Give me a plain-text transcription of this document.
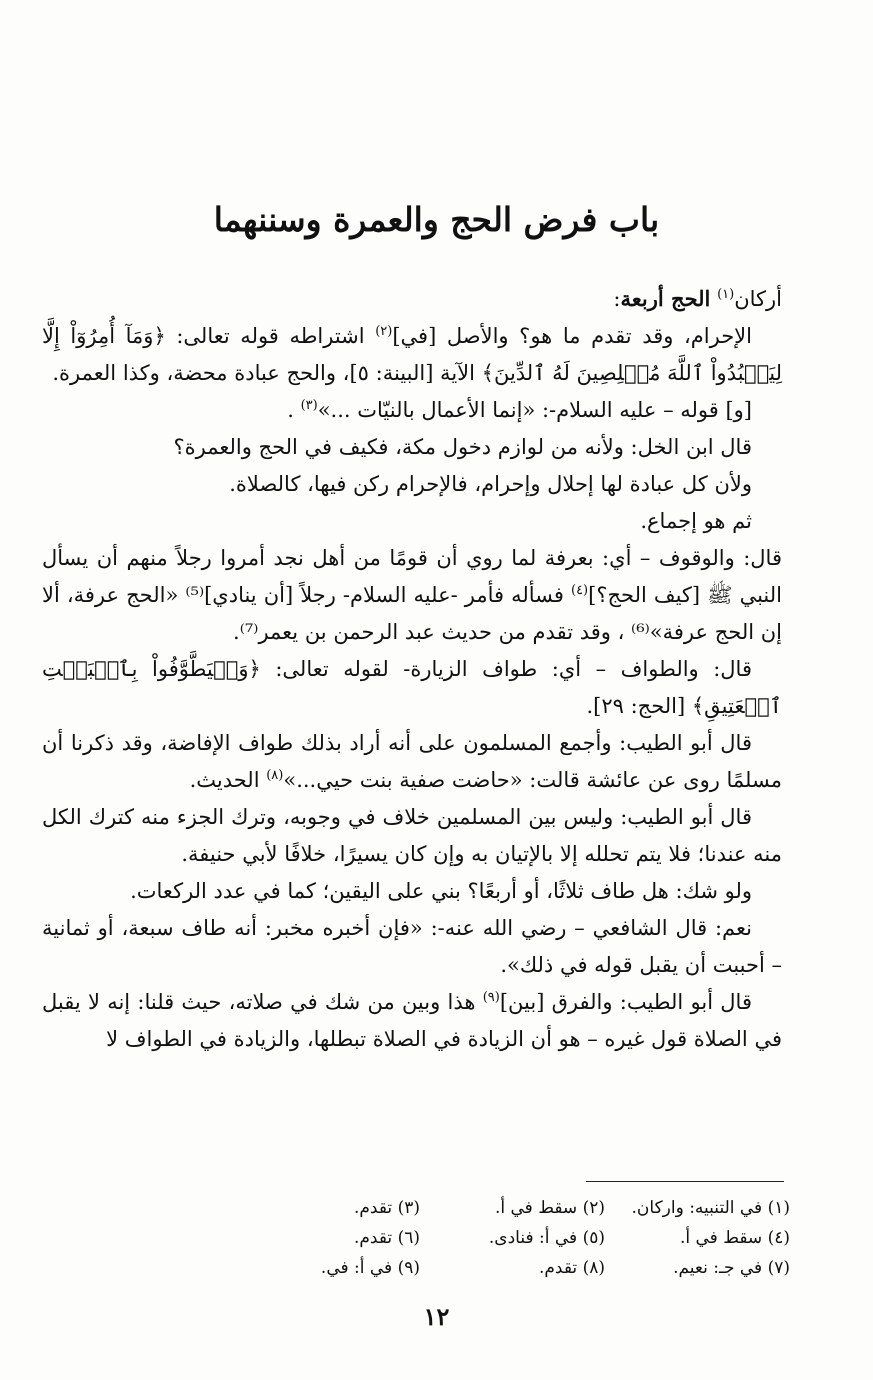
باب فرض الحج والعمرة وسننهما

أركان$^{(١)}$ الحج أربعة:

الإحرام، وقد تقدم ما هو؟ والأصل [في]$^{(٢)}$ اشتراطه قوله تعالى: ﴿وَمَآ أُمِرُوٓاْ إِلَّا لِيَعۡبُدُواْ ٱللَّهَ مُخۡلِصِينَ لَهُ ٱلدِّينَ﴾ الآية [البينة: ٥]، والحج عبادة محضة، وكذا العمرة.

[و] قوله – عليه السلام-: «إنما الأعمال بالنيّات ...»$^{(٣)}$ .

قال ابن الخل: ولأنه من لوازم دخول مكة، فكيف في الحج والعمرة؟

ولأن كل عبادة لها إحلال وإحرام، فالإحرام ركن فيها، كالصلاة.

ثم هو إجماع.

قال: والوقوف – أي: بعرفة لما روي أن قومًا من أهل نجد أمروا رجلاً منهم أن يسأل النبي ﷺ [كيف الحج؟]$^{(٤)}$ فسأله فأمر -عليه السلام- رجلاً [أن ينادي]⁽⁵⁾ «الحج عرفة، ألا إن الحج عرفة»⁽⁶⁾ ، وقد تقدم من حديث عبد الرحمن بن يعمر⁽⁷⁾.

قال: والطواف – أي: طواف الزيارة- لقوله تعالى: ﴿وَلۡيَطَّوَّفُواْ بِٱلۡبَيۡتِ ٱلۡعَتِيقِ﴾ [الحج: ٢٩].

قال أبو الطيب: وأجمع المسلمون على أنه أراد بذلك طواف الإفاضة، وقد ذكرنا أن مسلمًا روى عن عائشة قالت: «حاضت صفية بنت حيي...»$^{(٨)}$ الحديث.

قال أبو الطيب: وليس بين المسلمين خلاف في وجوبه، وترك الجزء منه كترك الكل منه عندنا؛ فلا يتم تحلله إلا بالإتيان به وإن كان يسيرًا، خلافًا لأبي حنيفة.

ولو شك: هل طاف ثلاثًا، أو أربعًا؟ بني على اليقين؛ كما في عدد الركعات.

نعم: قال الشافعي – رضي الله عنه-: «فإن أخبره مخبر: أنه طاف سبعة، أو ثمانية – أحببت أن يقبل قوله في ذلك».

قال أبو الطيب: والفرق [بين]$^{(٩)}$ هذا وبين من شك في صلاته، حيث قلنا: إنه لا يقبل في الصلاة قول غيره – هو أن الزيادة في الصلاة تبطلها، والزيادة في الطواف لا

(١) في التنبيه: واركان.
(٢) سقط في أ.
(٣) تقدم.
(٤) سقط في أ.
(٥) في أ: فنادى.
(٦) تقدم.
(٧) في جـ: نعيم.
(٨) تقدم.
(٩) في أ: في.
١٢
